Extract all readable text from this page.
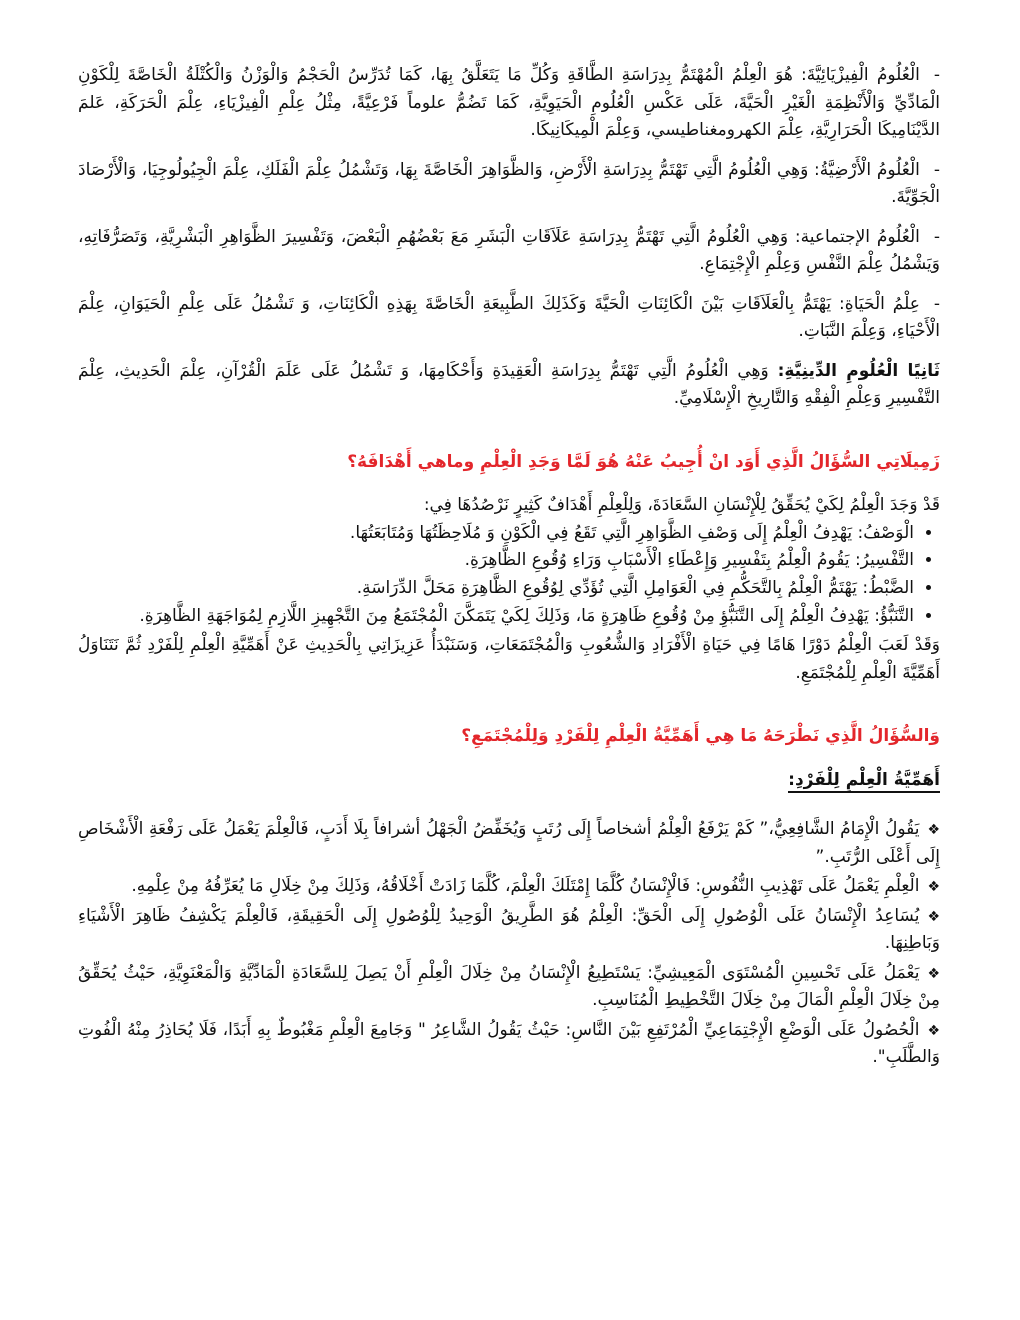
-الْعُلُومُ الْفِيزْيَائِيَّةَ: هُوَ الْعِلْمُ الْمُهْتَمُّ بِدِرَاسَةِ الطَّاقَةِ وَكُلِّ مَا يَتَعَلَّقُ بِهَا، كَمَا تُدَرِّسُ الْحَجْمُ وَالْوَزْنُ وَالْكُتْلَةُ الْخَاصَّةَ لِلْكَوْنِ الْمَادِّيِّ وَالْأَنْظِمَةِ الْغَيْرِ الْحَيَّةَ، عَلَى عَكْسِ الْعُلُومِ الْحَيَوِيَّةِ، كَمَا تَضُمُّ علوماً فَرْعِيَّةً، مِثْلُ عِلْمِ الْفِيزْيَاءِ، عِلْمَ الْحَرَكَةِ، عَلمَ الدَّيْنَامِيكَا الْحَرَارِيَّةِ، عِلْمَ الكهرومغناطيسي، وَعِلْمَ الْمِيكَانِيكَا.
-الْعُلُومُ الْأَرْضِيَّةُ: وَهِي الْعُلُومُ الَّتِي تَهْتَمُّ بِدِرَاسَةِ الْأَرْضِ، وَالظَّوَاهِرَ الْخَاصَّةَ بِهَا، وَتَشْمُلُ عِلْمَ الْفَلَكِ، عِلْمَ الْجِيُولُوجِيَا، وَالْأَرْصَادَ الْجَوِّيَّةَ.
-الْعُلُومُ الإجتماعية: وَهِي الْعُلُومُ الَّتِي تَهْتَمُّ بِدِرَاسَةِ عَلَاَقَاتِ الْبَشَرِ مَعَ بَعْضُهُمِ الْبَعْضَ، وَتَفْسِيرَ الظَّوَاهِرِ الْبَشْرِيَّةِ، وَتَصَرُّفَاتِهِ، وَيَشْمُلُ عِلْمَ النَّفْسِ وَعِلْمِ الْإِجْتِمَاعِ.
-عِلْمُ الْحَيَاةِ: يَهْتَمُّ بِالْعَلَاَقَاتِ بَيْنَ الْكَائِنَاتِ الْحَيَّةَ وَكَذَلِكَ الطَّبِيعَةِ الْخَاصَّةَ بِهَذِهِ الْكَائِنَاتِ، وَ تَشْمُلُ عَلَى عِلْمِ الْحَيَوَانِ، عِلْمَ الْأَحْيَاءِ، وَعِلْمَ النَّبَاتِ.
ثَانِيًا الْعُلُومِ الدِّينِيَّةِ: وَهِي الْعُلُومُ الَّتِي تَهْتَمُّ بِدِرَاسَةِ الْعَقِيدَةِ وَأَحْكَامِهَا، وَ تَشْمُلُ عَلَى عَلَمَ الْقُرْآنِ، عِلْمَ الْحَدِيثِ، عِلْمَ التَّفْسِيرِ وَعِلْمِ الْفِقْهِ وَالتَّارِيخِ الْإِسْلَامِيِّ.
زَمِيلَاتِي السُّؤَالُ الَّذِي أَوَد انْ أُجِيبُ عَنْهُ هُوَ لَمَّا وَجَدِ الْعِلْمِ وماهي أَهْدَافَهُ؟
قَدْ وَجَدَ الْعِلْمُ لِكَيْ يُحَقِّقُ لِلْإِنْسَانِ السَّعَادَةَ، وَلِلْعِلْمِ أَهْدَافٌ كَثِيرٍ نَرْصُدُهَا فِي:
• الْوَصْفُ: يَهْدِفُ الْعِلْمُ إِلَى وَصْفِ الظَّوَاهِرِ الَّتِي تَقَعُ فِي الْكَوْنِ وَ مُلَاحِظَتُهَا وَمُتَابَعَتُهَا.
• التَّفْسِيرُ: يَقُومُ الْعِلْمُ بِتَفْسِيرِ وَإِعْطَاءِ الْأَسْبَابِ وَرَاءِ وُقُوعِ الظَّاهِرَةِ.
• الضَّبْطُ: يَهْتَمُّ الْعِلْمُ بِالتَّحَكُّمِ فِي الْعَوَامِلِ الَّتِي تُؤَدِّي لِوُقُوعِ الظَّاهِرَةِ مَحَلَّ الدِّرَاسَةِ.
• التَّنَبُّؤُ: يَهْدِفُ الْعِلْمُ إِلَى التَّنَبُّؤِ مِنْ وُقُوعِ ظَاهِرَةٍ مَا، وَذَلِكَ لِكَيْ يَتَمَكَّنَ الْمُجْتَمَعُ مِنَ التَّجْهِيزِ اللَّازِمِ لِمُوَاجَهَةِ الظَّاهِرَةِ.
وَقَدْ لَعَبَ الْعِلْمُ دَوْرًا هَامًا فِي حَيَاةِ الْأَفْرَادِ وَالشُّعُوبِ وَالْمُجْتَمَعَاتِ، وَسَنَبْدَأُ عَزِيزَاتِي بِالْحَدِيثِ عَنْ أَهَمِّيَّةِ الْعِلْمِ لِلْفَرْدِ ثُمَّ نَتَنَاوَلُ أَهَمِّيَّةَ الْعِلْمِ لِلْمُجْتَمَعِ.
وَالسُّؤَالُ الَّذِي نَطْرَحَهُ مَا هِي أَهَمِّيَّةُ الْعِلْمِ لِلْفَرْدِ وَلِلْمُجْتَمَعِ؟
أَهَمِّيَّةُ الْعِلْمِ لِلْفَرْدِ:
❖يَقُولُ الْإِمَامُ الشَّافِعِيُّ،” كَمْ يَرْفَعُ الْعِلْمُ أشخاصاً إِلَى رُتَبٍ وَيُخَفِّضُ الْجَهْلُ أشرافاً بِلَا أَدَبٍ، فَالْعِلْمَ يَعْمَلُ عَلَى رَفْعَةِ الْأَشْخَاصِ إِلَى أَعْلَى الرُّتَبِ.”
❖الْعِلْمِ يَعْمَلُ عَلَى تَهْذِيبِ النُّفُوسِ: فَالْإِنْسَانُ كُلَّمَا إِمْتَلَكَ الْعِلْمَ، كُلَّمَا زَادَتْ أَخْلَاقُهُ، وَذَلِكَ مِنْ خِلَالِ مَا يُعَرِّفُهُ مِنْ عِلْمِهِ.
❖يُسَاعِدُ الْإِنْسَانُ عَلَى الْوُصُولِ إِلَى الْحَقِّ: الْعِلْمُ هُوَ الطَّرِيقُ الْوَحِيدُ لِلْوُصُولِ إِلَى الْحَقِيقَةِ، فَالْعِلْمَ يَكْشِفُ ظَاهِرَ الْأَشْيَاءِ وَبَاطِنِهَا.
❖يَعْمَلُ عَلَى تَحْسِينِ الْمُسْتَوَى الْمَعِيشِيِّ: يَسْتَطِيعُ الْإِنْسَانُ مِنْ خِلَالَ الْعِلْمِ أَنْ يَصِلَ لِلسَّعَادَةِ الْمَادِّيَّةِ وَالْمَعْنَوِيَّةِ، حَيْثُ يُحَقِّقُ مِنْ خِلَالَ الْعِلْمِ الْمَالَ مِنْ خِلَالَ التَّخْطِيطِ الْمُنَاسِبِ.
❖الْحُصُولُ عَلَى الْوَضْعِ الْإِجْتِمَاعِيِّ الْمُرْتَفِعِ بَيْنَ النَّاسِ: حَيْثُ يَقُولُ الشَّاعِرُ " وَجَامِعَ الْعِلْمِ مَغْبُوطٌ بِهِ أَبَدًا، فَلَا يُحَاذِرُ مِنْهُ الْفُوتِ وَالطَّلَبِ".
